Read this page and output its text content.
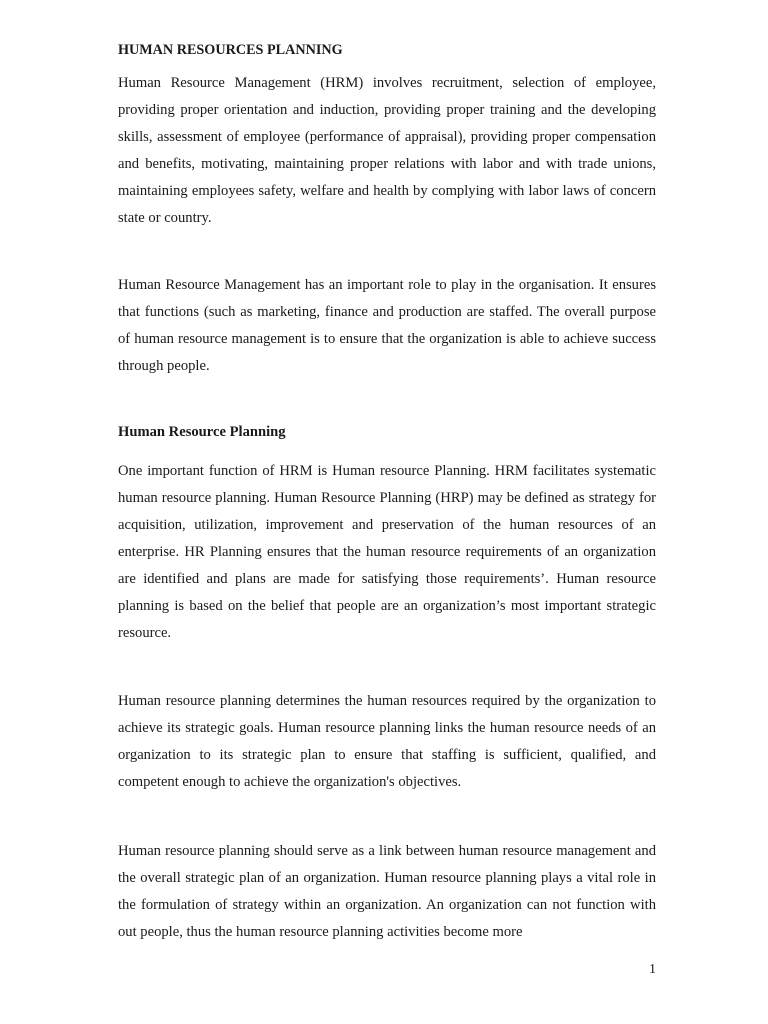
HUMAN RESOURCES PLANNING

Human Resource Management (HRM) involves recruitment, selection of employee, providing proper orientation and induction, providing proper training and the developing skills, assessment of employee (performance of appraisal), providing proper compensation and benefits, motivating, maintaining proper relations with labor and with trade unions, maintaining employees safety, welfare and health by complying with labor laws of concern state or country.

Human Resource Management has an important role to play in the organisation. It ensures that functions (such as marketing, finance and production are staffed. The overall purpose of human resource management is to ensure that the organization is able to achieve success through people.

Human Resource Planning

One important function of HRM is Human resource Planning. HRM facilitates systematic human resource planning. Human Resource Planning (HRP) may be defined as strategy for acquisition, utilization, improvement and preservation of the human resources of an enterprise. HR Planning ensures that the human resource requirements of an organization are identified and plans are made for satisfying those requirements’. Human resource planning is based on the belief that people are an organization’s most important strategic resource.

Human resource planning determines the human resources required by the organization to achieve its strategic goals. Human resource planning links the human resource needs of an organization to its strategic plan to ensure that staffing is sufficient, qualified, and competent enough to achieve the organization's objectives.

Human resource planning should serve as a link between human resource management and the overall strategic plan of an organization. Human resource planning plays a vital role in the formulation of strategy within an organization. An organization can not function with out people, thus the human resource planning activities become more

1
